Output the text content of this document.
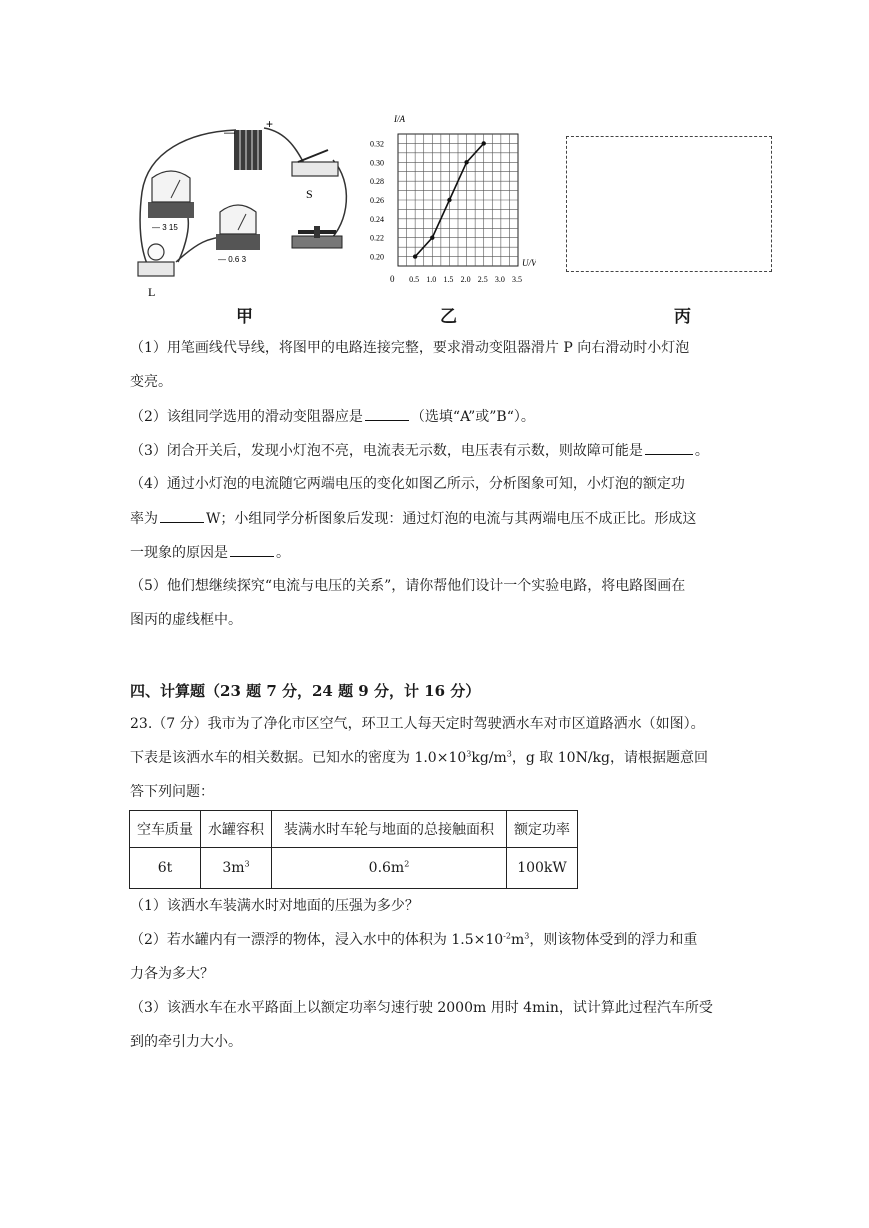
—
+
S
— 3 15
— 0.6 3
L
甲
0.5 1.0 1.5 2.0 2.5 3.0 3.5
0.20
0.22
0.24
0.26
0.28
0.30
0.32
I/A
U/V
0
乙	丙
（1）用笔画线代导线，将图甲的电路连接完整，要求滑动变阻器滑片 P 向右滑动时小灯泡
变亮。
（2）该组同学选用的滑动变阻器应是	（选填“A”或”B“）。
（3）闭合开关后，发现小灯泡不亮，电流表无示数，电压表有示数，则故障可能是	。
（4）通过小灯泡的电流随它两端电压的变化如图乙所示，分析图象可知，小灯泡的额定功
率为	W；小组同学分析图象后发现：通过灯泡的电流与其两端电压不成正比。形成这
一现象的原因是	。
（5）他们想继续探究“电流与电压的关系”，请你帮他们设计一个实验电路，将电路图画在
图丙的虚线框中。
四、计算题（23 题 7 分，24 题 9 分，计 16 分）
23.（7 分）我市为了净化市区空气，环卫工人每天定时驾驶洒水车对市区道路洒水（如图）。
下表是该洒水车的相关数据。已知水的密度为 $1.0\times 10^3kg/m^3$，g 取 10N/kg，请根据题意回
答下列问题：
空车质量	水罐容积	装满水时车轮与地面的总接触面积	额定功率
6t	$3m^3$	$0.6m^2$	100kW
（1）该洒水车装满水时对地面的压强为多少？
（2）若水罐内有一漂浮的物体，浸入水中的体积为 $1.5\times 10^{-2}m^3$，则该物体受到的浮力和重
力各为多大？
（3）该洒水车在水平路面上以额定功率匀速行驶 2000m 用时 4min，试计算此过程汽车所受
到的牵引力大小。
